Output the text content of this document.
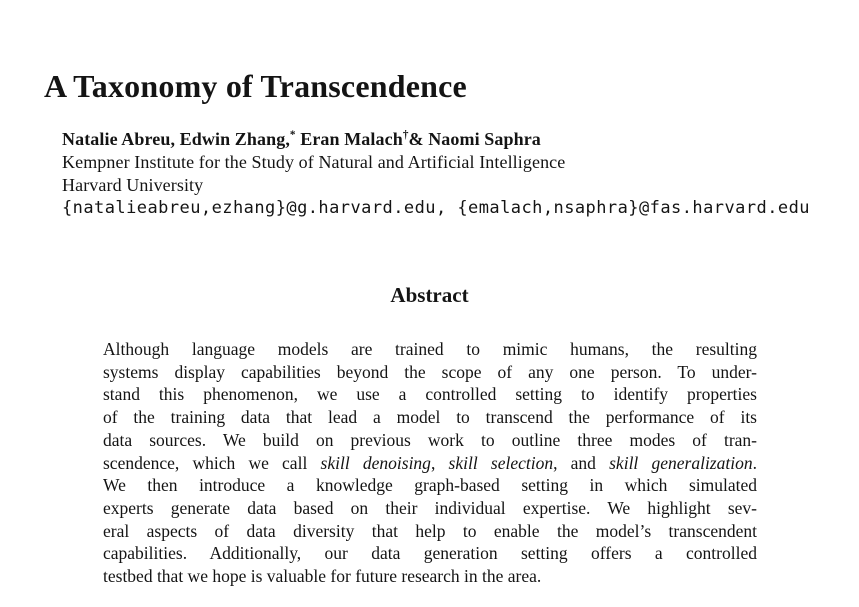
A Taxonomy of Transcendence
Natalie Abreu, Edwin Zhang,* Eran Malach†& Naomi Saphra
Kempner Institute for the Study of Natural and Artificial Intelligence
Harvard University
{natalieabreu,ezhang}@g.harvard.edu, {emalach,nsaphra}@fas.harvard.edu
Abstract
Although language models are trained to mimic humans, the resulting
systems display capabilities beyond the scope of any one person. To under-
stand this phenomenon, we use a controlled setting to identify properties
of the training data that lead a model to transcend the performance of its
data sources. We build on previous work to outline three modes of tran-
scendence, which we call skill denoising, skill selection, and skill generalization.
We then introduce a knowledge graph-based setting in which simulated
experts generate data based on their individual expertise. We highlight sev-
eral aspects of data diversity that help to enable the model’s transcendent
capabilities. Additionally, our data generation setting offers a controlled
testbed that we hope is valuable for future research in the area.
